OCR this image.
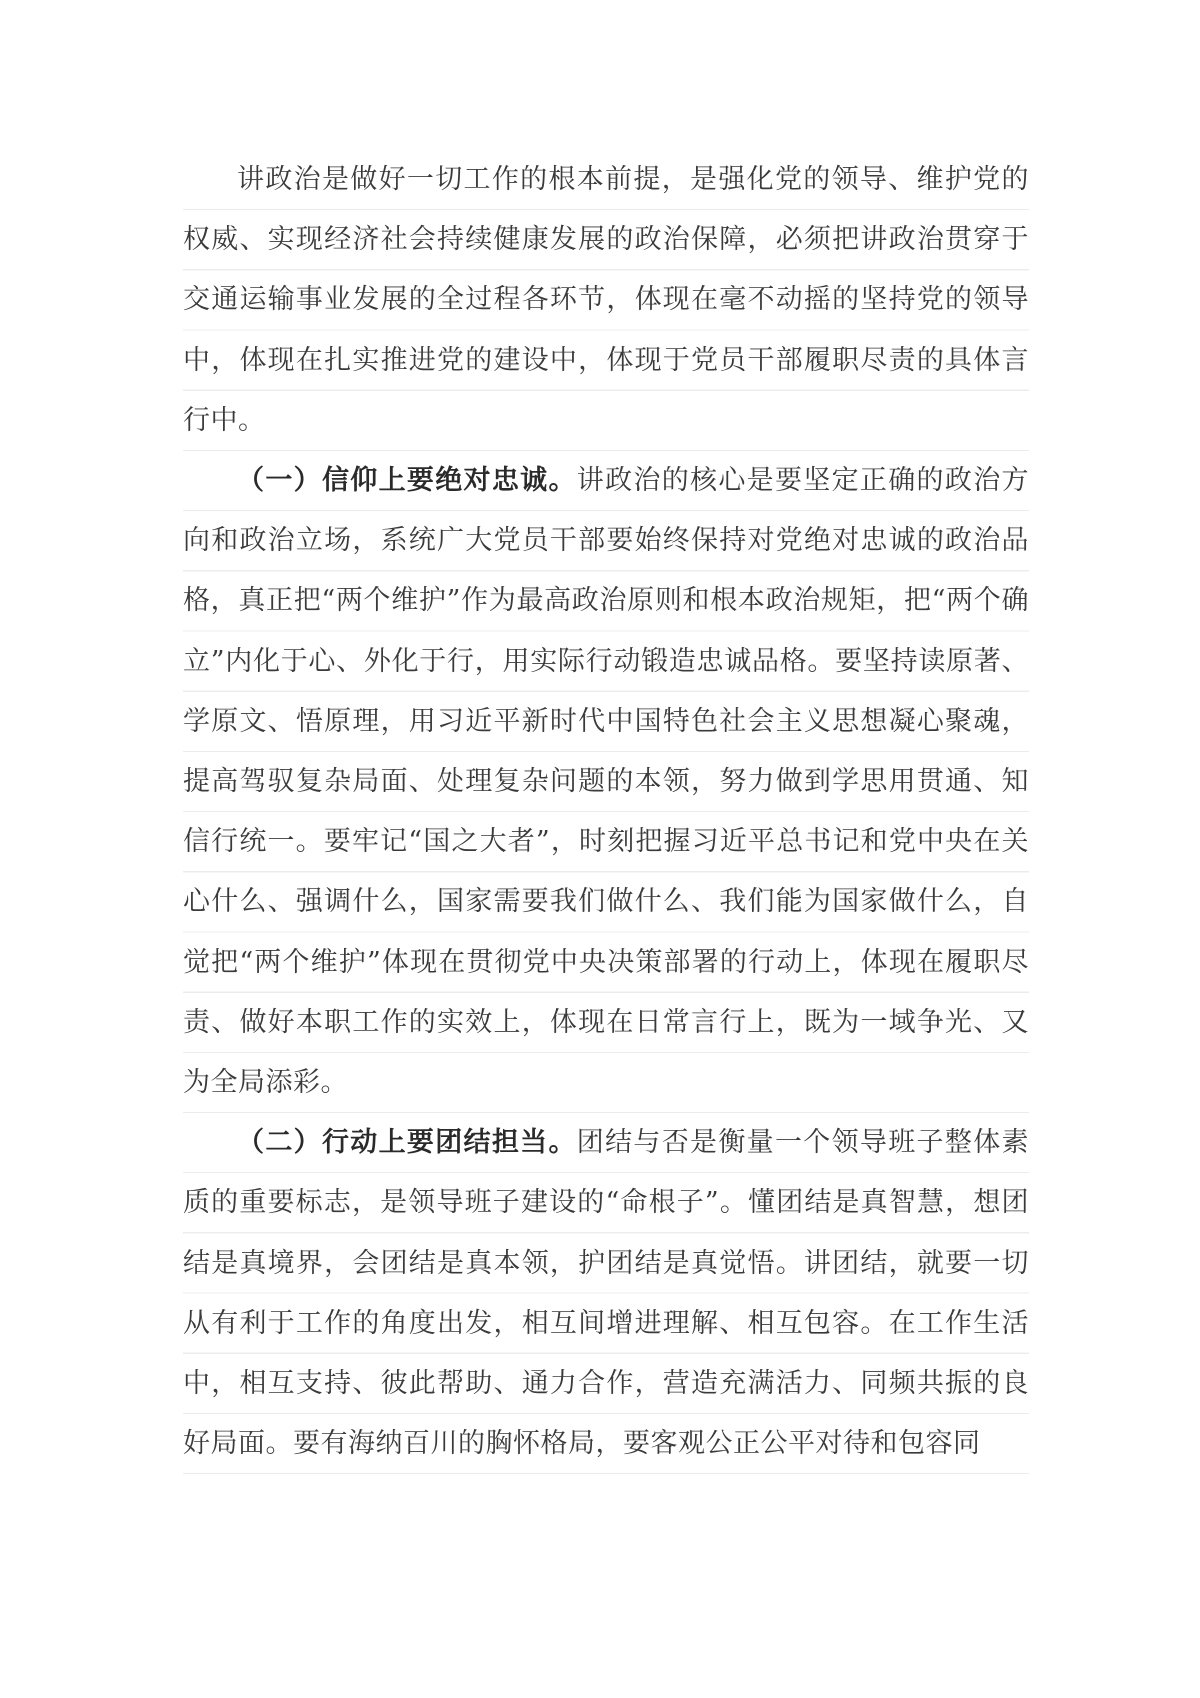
讲政治是做好一切工作的根本前提，是强化党的领导、维护党的权威、实现经济社会持续健康发展的政治保障，必须把讲政治贯穿于交通运输事业发展的全过程各环节，体现在毫不动摇的坚持党的领导中，体现在扎实推进党的建设中，体现于党员干部履职尽责的具体言行中。

（一）信仰上要绝对忠诚。讲政治的核心是要坚定正确的政治方向和政治立场，系统广大党员干部要始终保持对党绝对忠诚的政治品格，真正把“两个维护”作为最高政治原则和根本政治规矩，把“两个确立”内化于心、外化于行，用实际行动锻造忠诚品格。要坚持读原著、学原文、悟原理，用习近平新时代中国特色社会主义思想凝心聚魂，提高驾驭复杂局面、处理复杂问题的本领，努力做到学思用贯通、知信行统一。要牢记“国之大者”，时刻把握习近平总书记和党中央在关心什么、强调什么，国家需要我们做什么、我们能为国家做什么，自觉把“两个维护”体现在贯彻党中央决策部署的行动上，体现在履职尽责、做好本职工作的实效上，体现在日常言行上，既为一域争光、又为全局添彩。

（二）行动上要团结担当。团结与否是衡量一个领导班子整体素质的重要标志，是领导班子建设的“命根子”。懂团结是真智慧，想团结是真境界，会团结是真本领，护团结是真觉悟。讲团结，就要一切从有利于工作的角度出发，相互间增进理解、相互包容。在工作生活中，相互支持、彼此帮助、通力合作，营造充满活力、同频共振的良好局面。要有海纳百川的胸怀格局，要客观公正公平对待和包容同
